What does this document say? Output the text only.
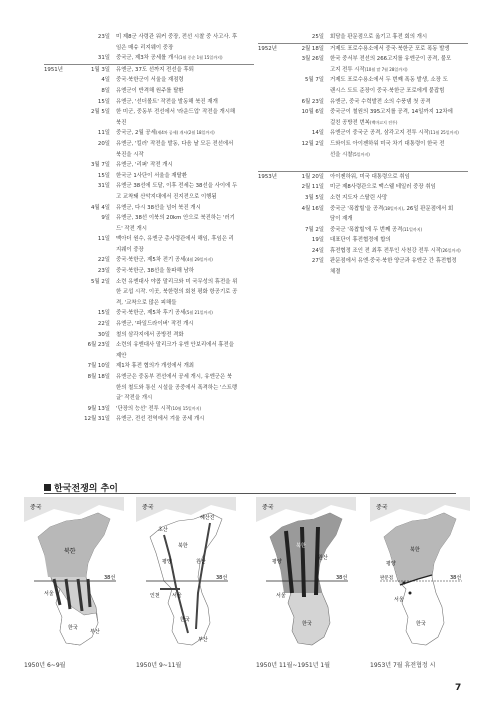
23일 미 제8군 사령관 워커 중장, 전선 시찰 중 사고사. 후
임은 매슈 리지웨이 중장
31일 중국군, 제3차 공세를 개시(1월 중순 1월 15일까지)
1951년	1월 3일 유엔군, 37도 선까지 전선을 후퇴
4일 중국·북한군이 서울을 재점령
8일 유엔군이 반격해 원주를 탈환
15일 유엔군, '선더볼트' 작전을 발동해 북진 재개
2월 5일 한 미군, 중동부 전선에서 '라운드업' 작전을 개시해
북진
11일 중국군, 2월 공세(제4차 공세) 개시(2월 18일까지)
20일 유엔군, '킬러' 작전을 발동, 다음 날 모든 전선에서
북진을 시작
3월 7일 유엔군, '리퍼' 작전 개시
15일 한국군 1사단이 서울을 재탈환
31일 유엔군 38선에 도달, 이후 전세는 38선을 사이에 두
고 교착돼 산악지대에서 진지전으로 이행됨
4월 4일 유엔군, 다시 38선을 넘어 북진 개시
9일 유엔군, 38선 이북의 20km 안으로 북진하는 '러기
드' 작전 개시
11일 맥아더 원수, 유엔군 총사령관에서 해임, 후임은 리
지웨이 중장
22일 중국·북한군, 제5차 전기 공세(4월 29일까지)
23일 중국·북한군, 38선을 돌파해 남하
5월 2일 소련 유엔대사 야콥 말리크와 미 국무성의 휴전을 위
한 교섭 시작. 이곳, 북한령의 회천 평화 항공기로 공
격, '교착으로 많은 피해들
15일 중국·북한군, 제5차 후기 공세(5월 21일까지)
22일 유엔군, '파일드라이버' 작전 개시
30일 철의 삼각지에서 공방전 격화
6월 23일 소련의 유엔대사 말리크가 유엔 안보리에서 휴전을
제안
7월 10일 제1차 휴전 협의가 개성에서 개최
8월 18일 유엔군은 중동부 전선에서 공세 개시, 유엔군은 북
한의 철도와 통신 시설을 공중에서 폭격하는 '스트랭
글' 작전을 개시
9월 13일 '단장의 능선' 전투 시작(10월 15일까지)
12월 31일 유엔군, 전선 전역에서 겨울 공세 개시
25일 회담을 판문점으로 옮기고 휴전 회의 개시
1952년	2월 18일 거제도 포로수용소에서 중국·북한군 포로 폭동 발생
3월 26일 한국 중서부 전선의 266고지를 유엔군이 공격, 불모
고지 전투 시작(10월 말 7월 28일까지)
5월 7일 거제도 포로수용소에서 두 번째 폭동 발생, 소장 도
랜시스 도트 준장이 중국·북한군 포로에게 붙잡힘
6월 23일 유엔군, 중국 수력발전 소의 수풍댐 첫 공격
10월 6일 중국군이 철원의 395고지를 공격, 14일까지 12차에
걸친 공방전 번복(백마고지 전투)
14일 유엔군이 중국군 공격, 삼각고지 전투 시작(11월 25일까지)
12월 2일 드와이트 아이젠하워 미국 차기 대통령이 한국 전
선을 시찰(5일까지)

1953년	1월 20일 아이젠하워, 미국 대통령으로 취임
2월 11일 미군 제8사령관으로 맥스웰 테일러 중장 취임
3월 5일 소련 지도자 스탈린 사망
4월 16일 중국군 '폭찹힐'을 공격(18일까지), 26일 판문점에서 회
담이 재개
7월 2일 중국군 '폭찹힐'에 두 번째 공격(11일까지)
19일 대표단이 휴전협정에 합의
24일 휴전협정 조인 전 최후 전투인 사천강 전투 시작(26일까지)
27일 판문점에서 유엔·중국·북한 양군과 유엔군 간 휴전협정
체결
한국전쟁의 추이
중국
북한
38선
서울
한국
부산
중국
초산
혜산진
북한
평양	원산
38선
인천 서울
한국
부산
중국
북한
평양
원산
38선
서울
한국
중국
북한
평양
판문점	38선
서울
한국
1950년 6~9월	1950년 9~11월	1950년 11월~1951년 1월	1953년 7월 휴전협정 시
7
